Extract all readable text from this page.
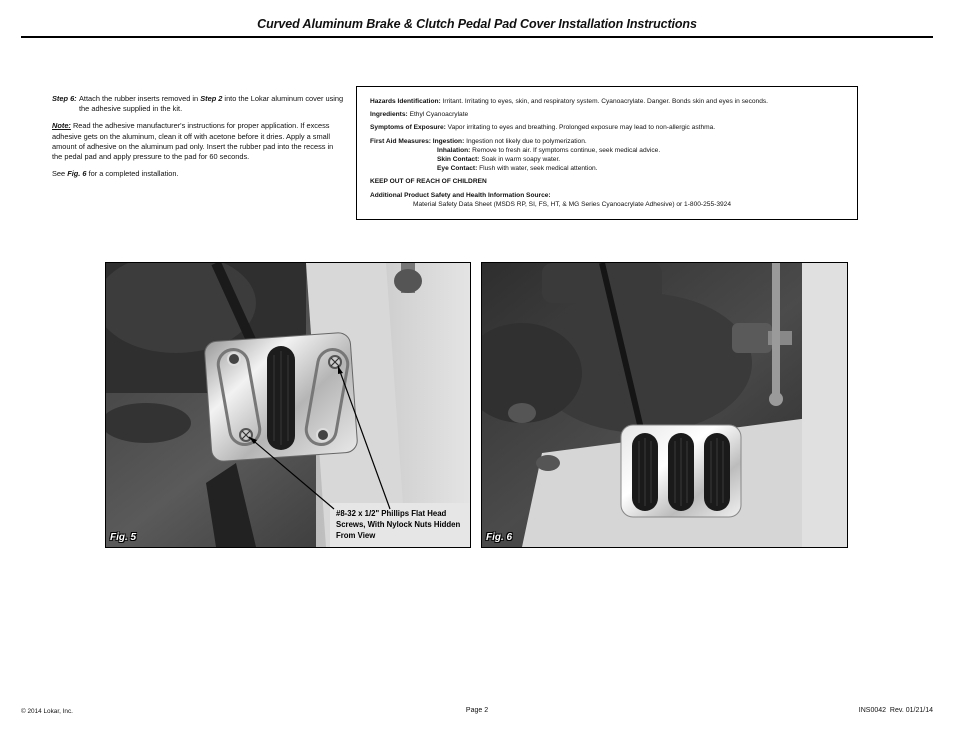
Curved Aluminum Brake & Clutch Pedal Pad Cover Installation Instructions
Step 6: Attach the rubber inserts removed in Step 2 into the Lokar aluminum cover using the adhesive supplied in the kit.

Note: Read the adhesive manufacturer's instructions for proper application. If excess adhesive gets on the aluminum, clean it off with acetone before it dries. Apply a small amount of adhesive on the aluminum pad only. Insert the rubber pad into the recess in the pedal pad and apply pressure to the pad for 60 seconds.

See Fig. 6 for a completed installation.

Hazards Identification: Irritant. Irritating to eyes, skin, and respiratory system. Cyanoacrylate. Danger. Bonds skin and eyes in seconds.
Ingredients: Ethyl Cyanoacrylate
Symptoms of Exposure: Vapor irritating to eyes and breathing. Prolonged exposure may lead to non-allergic asthma.
First Aid Measures: Ingestion: Ingestion not likely due to polymerization.
Inhalation: Remove to fresh air. If symptoms continue, seek medical advice.
Skin Contact: Soak in warm soapy water.
Eye Contact: Flush with water, seek medical attention.
KEEP OUT OF REACH OF CHILDREN
Additional Product Safety and Health Information Source:
Material Safety Data Sheet (MSDS RP, SI, FS, HT, & MG Series Cyanoacrylate Adhesive) or 1-800-255-3924
#8-32 x 1/2" Phillips Flat Head Screws, With Nylock Nuts Hidden From View
Fig. 5	Fig. 6
© 2014 Lokar, Inc.	Page 2	INS0042  Rev. 01/21/14
